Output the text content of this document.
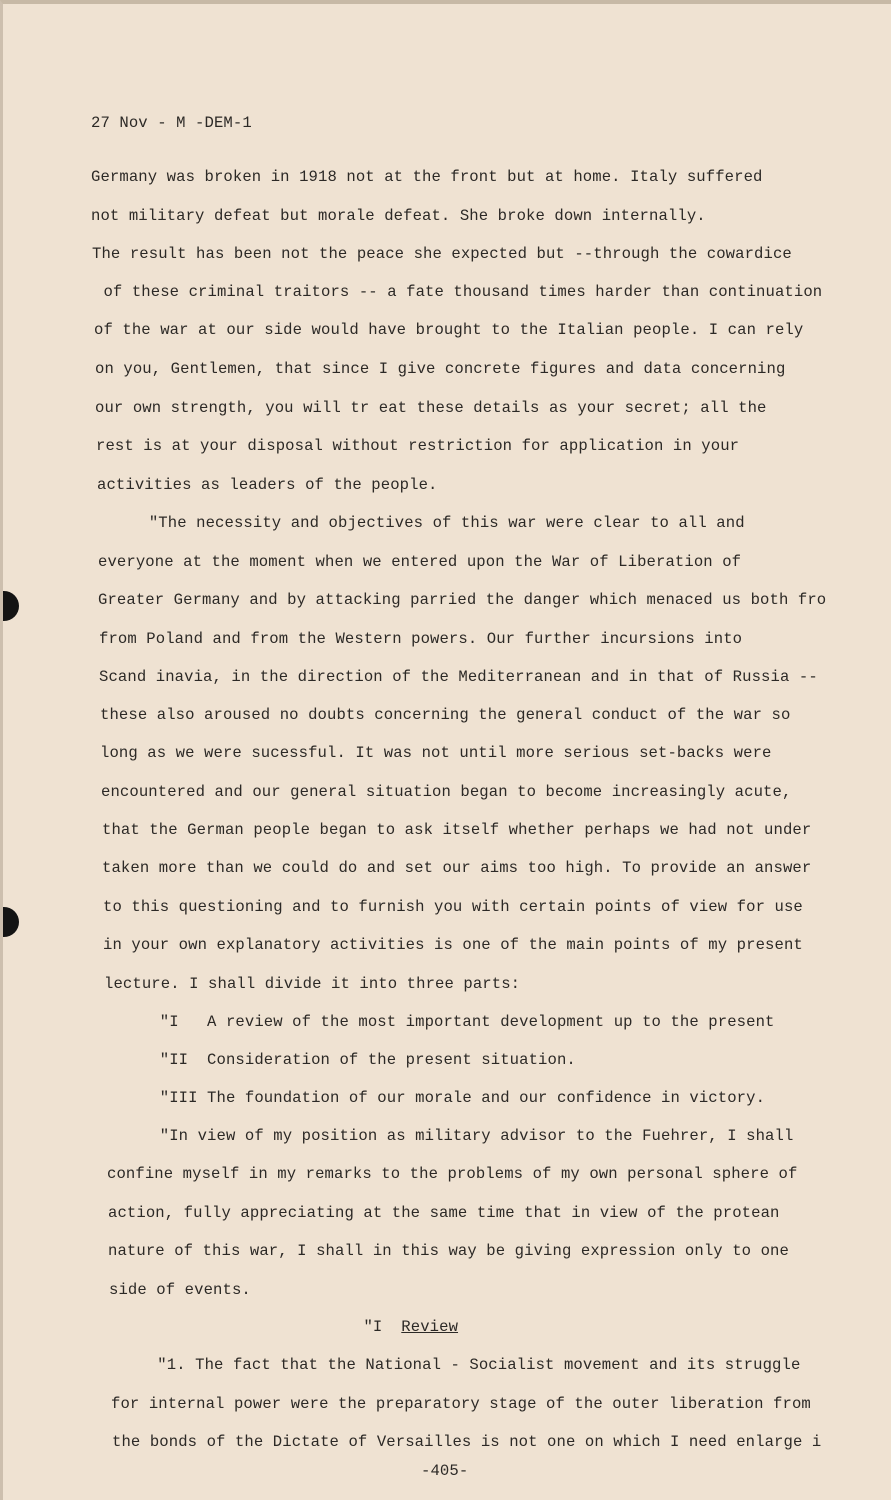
27 Nov - M -DEM-1
Germany was broken in 1918 not at the front but at home. Italy suffered
not military defeat but morale defeat. She broke down internally.
The result has been not the peace she expected but --through the cowardice
of these criminal traitors -- a fate thousand times harder than continuation
of the war at our side would have brought to the Italian people. I can rely
on you, Gentlemen, that since I give concrete figures and data concerning
our own strength, you will tr eat these details as your secret; all the
rest is at your disposal without restriction for application in your
activities as leaders of the people.
"The necessity and objectives of this war were clear to all and
everyone at the moment when we entered upon the War of Liberation of
Greater Germany and by attacking parried the danger which menaced us both fro
from Poland and from the Western powers. Our further incursions into
Scand inavia, in the direction of the Mediterranean and in that of Russia --
these also aroused no doubts concerning the general conduct of the war so
long as we were sucessful. It was not until more serious set-backs were
encountered and our general situation began to become increasingly acute,
that the German people began to ask itself whether perhaps we had not under
taken more than we could do and set our aims too high. To provide an answer
to this questioning and to furnish you with certain points of view for use
in your own explanatory activities is one of the main points of my present
lecture. I shall divide it into three parts:
"I   A review of the most important development up to the present
"II  Consideration of the present situation.
"III The foundation of our morale and our confidence in victory.
"In view of my position as military advisor to the Fuehrer, I shall
confine myself in my remarks to the problems of my own personal sphere of
action, fully appreciating at the same time that in view of the protean
nature of this war, I shall in this way be giving expression only to one
side of events.
"I  Review
"1. The fact that the National - Socialist movement and its struggle
for internal power were the preparatory stage of the outer liberation from
the bonds of the Dictate of Versailles is not one on which I need enlarge i
-405-
